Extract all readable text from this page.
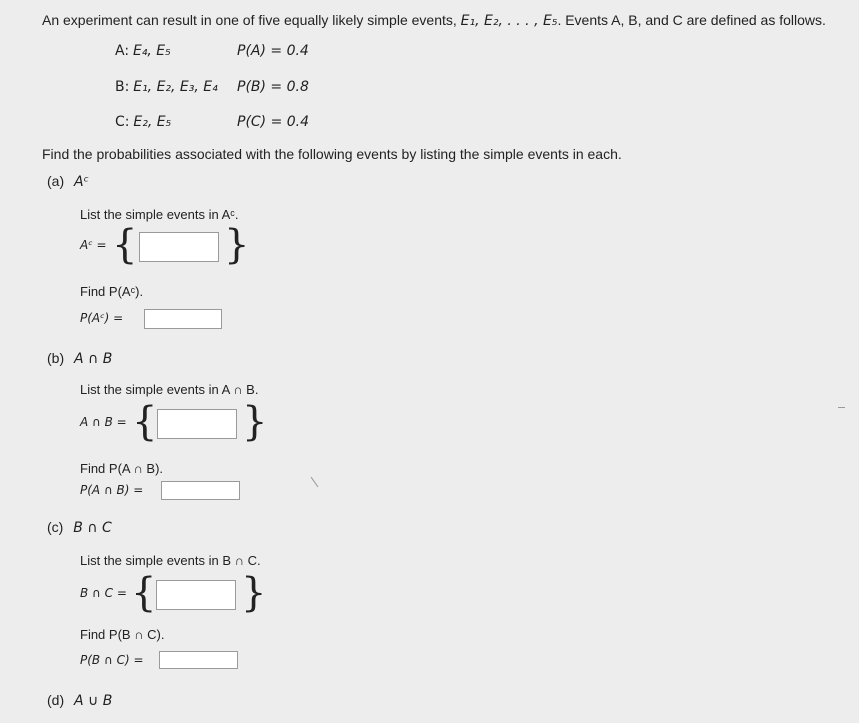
An experiment can result in one of five equally likely simple events, E₁, E₂, . . . , E₅. Events A, B, and C are defined as follows.
A: E₄, E₅	P(A) = 0.4
B: E₁, E₂, E₃, E₄ P(B) = 0.8
C: E₂, E₅	P(C) = 0.4
Find the probabilities associated with the following events by listing the simple events in each.
(a) Aᶜ
List the simple events in Aᶜ.
Aᶜ = { }
Find P(Aᶜ).
P(Aᶜ) =
(b) A ∩ B
List the simple events in A ∩ B.
A ∩ B = { }
Find P(A ∩ B).
P(A ∩ B) =
(c) B ∩ C
List the simple events in B ∩ C.
B ∩ C = { }
Find P(B ∩ C).
P(B ∩ C) =
(d) A ∪ B
